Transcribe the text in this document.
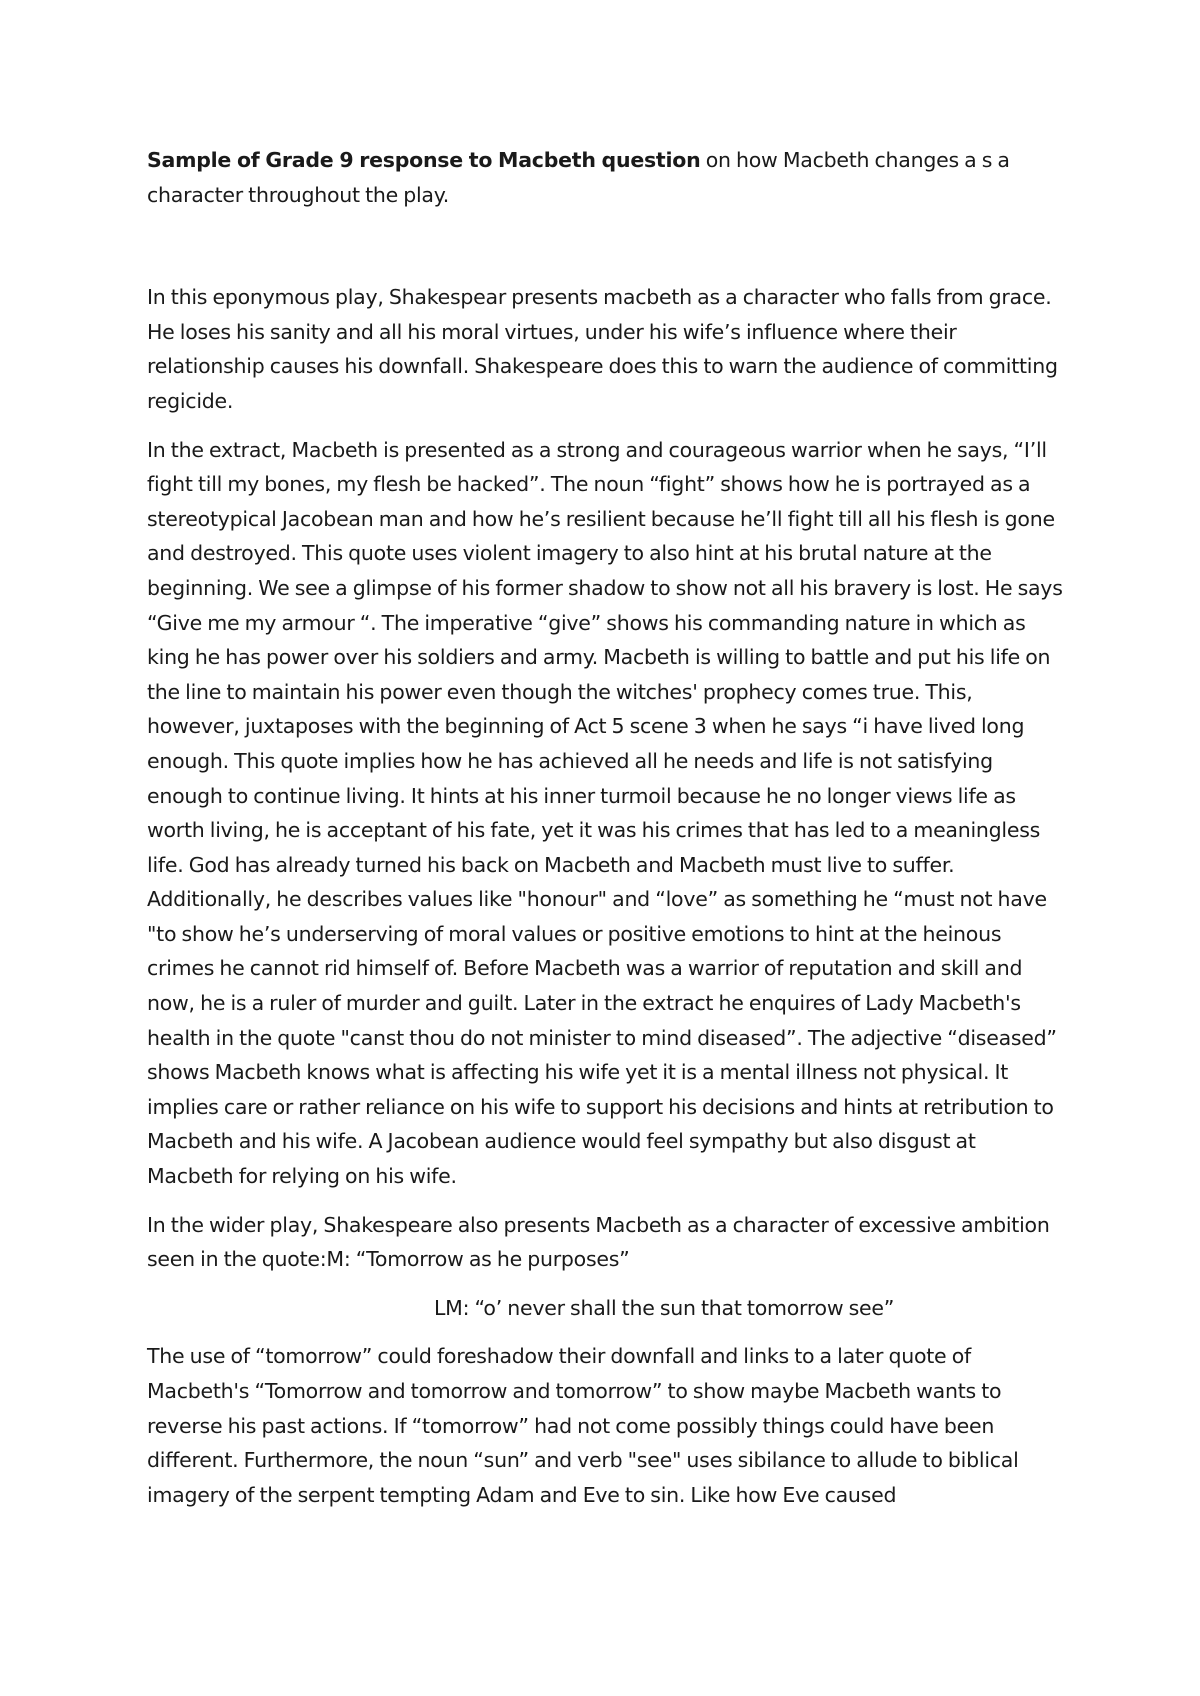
Sample of Grade 9 response to Macbeth question on how Macbeth changes a s a character throughout the play.

In this eponymous play, Shakespear presents macbeth as a character who falls from grace. He loses his sanity and all his moral virtues, under his wife’s influence where their relationship causes his downfall. Shakespeare does this to warn the audience of committing regicide.

In the extract, Macbeth is presented as a strong and courageous warrior when he says, “I’ll fight till my bones, my flesh be hacked”. The noun “fight” shows how he is portrayed as a stereotypical Jacobean man and how he’s resilient because he’ll fight till all his flesh is gone and destroyed. This quote uses violent imagery to also hint at his brutal nature at the beginning. We see a glimpse of his former shadow to show not all his bravery is lost. He says “Give me my armour “. The imperative “give” shows his commanding nature in which as king he has power over his soldiers and army. Macbeth is willing to battle and put his life on the line to maintain his power even though the witches' prophecy comes true. This, however, juxtaposes with the beginning of Act 5 scene 3 when he says “i have lived long enough. This quote implies how he has achieved all he needs and life is not satisfying enough to continue living. It hints at his inner turmoil because he no longer views life as worth living, he is acceptant of his fate, yet it was his crimes that has led to a meaningless life. God has already turned his back on Macbeth and Macbeth must live to suffer. Additionally, he describes values like "honour" and “love” as something he “must not have "to show he’s underserving of moral values or positive emotions to hint at the heinous crimes he cannot rid himself of. Before Macbeth was a warrior of reputation and skill and now, he is a ruler of murder and guilt. Later in the extract he enquires of Lady Macbeth's health in the quote "canst thou do not minister to mind diseased”. The adjective “diseased” shows Macbeth knows what is affecting his wife yet it is a mental illness not physical. It implies care or rather reliance on his wife to support his decisions and hints at retribution to Macbeth and his wife. A Jacobean audience would feel sympathy but also disgust at Macbeth for relying on his wife.

In the wider play, Shakespeare also presents Macbeth as a character of excessive ambition seen in the quote:M: “Tomorrow as he purposes”

LM: “o’ never shall the sun that tomorrow see”

The use of “tomorrow” could foreshadow their downfall and links to a later quote of Macbeth's “Tomorrow and tomorrow and tomorrow” to show maybe Macbeth wants to reverse his past actions. If “tomorrow” had not come possibly things could have been different. Furthermore, the noun “sun” and verb "see" uses sibilance to allude to biblical imagery of the serpent tempting Adam and Eve to sin. Like how Eve caused
